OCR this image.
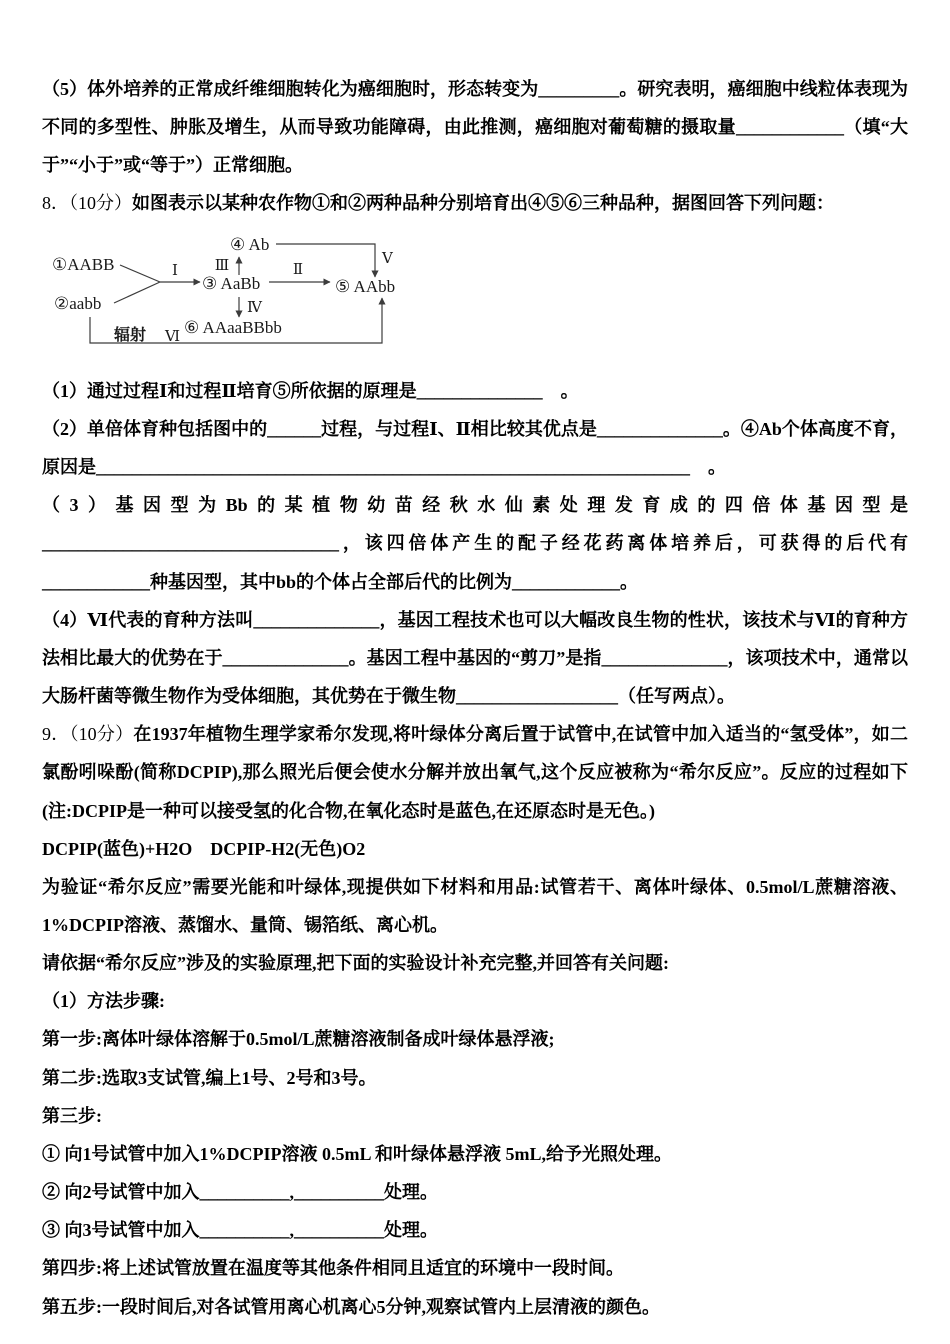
（5）体外培养的正常成纤维细胞转化为癌细胞时，形态转变为_________。研究表明，癌细胞中线粒体表现为不同的多型性、肿胀及增生，从而导致功能障碍，由此推测，癌细胞对葡萄糖的摄取量____________（填“大于”“小于”或“等于”）正常细胞。

8．（10分）如图表示以某种农作物①和②两种品种分别培育出④⑤⑥三种品种，据图回答下列问题：

Ⅰ Ⅲ	Ⅴ
Ⅱ
Ⅳ
辐射 Ⅵ
①AABB
②aabb
③ AaBb
④ Ab
⑤ AAbb
⑥ AAaaBBbb

（1）通过过程Ⅰ和过程Ⅱ培育⑤所依据的原理是______________　。

（2）单倍体育种包括图中的______过程，与过程Ⅰ、Ⅱ相比较其优点是______________。④Ab个体高度不育，原因是__________________________________________________________________　。

（3）基因型为Bb的某植物幼苗经秋水仙素处理发育成的四倍体基因型是_________________________________，该四倍体产生的配子经花药离体培养后，可获得的后代有____________种基因型，其中bb的个体占全部后代的比例为____________。

（4）Ⅵ代表的育种方法叫______________，基因工程技术也可以大幅改良生物的性状，该技术与Ⅵ的育种方法相比最大的优势在于______________。基因工程中基因的“剪刀”是指______________，该项技术中，通常以大肠杆菌等微生物作为受体细胞，其优势在于微生物__________________（任写两点）。

9．（10分）在1937年植物生理学家希尔发现,将叶绿体分离后置于试管中,在试管中加入适当的“氢受体”，如二氯酚吲哚酚(简称DCPIP),那么照光后便会使水分解并放出氧气,这个反应被称为“希尔反应”。反应的过程如下(注:DCPIP是一种可以接受氢的化合物,在氧化态时是蓝色,在还原态时是无色。)

DCPIP(蓝色)+H2O　DCPIP-H2(无色)O2

为验证“希尔反应”需要光能和叶绿体,现提供如下材料和用品:试管若干、离体叶绿体、0.5mol/L蔗糖溶液、1%DCPIP溶液、蒸馏水、量筒、锡箔纸、离心机。

请依据“希尔反应”涉及的实验原理,把下面的实验设计补充完整,并回答有关问题:

（1）方法步骤:

第一步:离体叶绿体溶解于0.5mol/L蔗糖溶液制备成叶绿体悬浮液;

第二步:选取3支试管,编上1号、2号和3号。

第三步:

① 向1号试管中加入1%DCPIP溶液 0.5mL 和叶绿体悬浮液 5mL,给予光照处理。

② 向2号试管中加入__________,__________处理。

③ 向3号试管中加入__________,__________处理。

第四步:将上述试管放置在温度等其他条件相同且适宜的环境中一段时间。

第五步:一段时间后,对各试管用离心机离心5分钟,观察试管内上层清液的颜色。
